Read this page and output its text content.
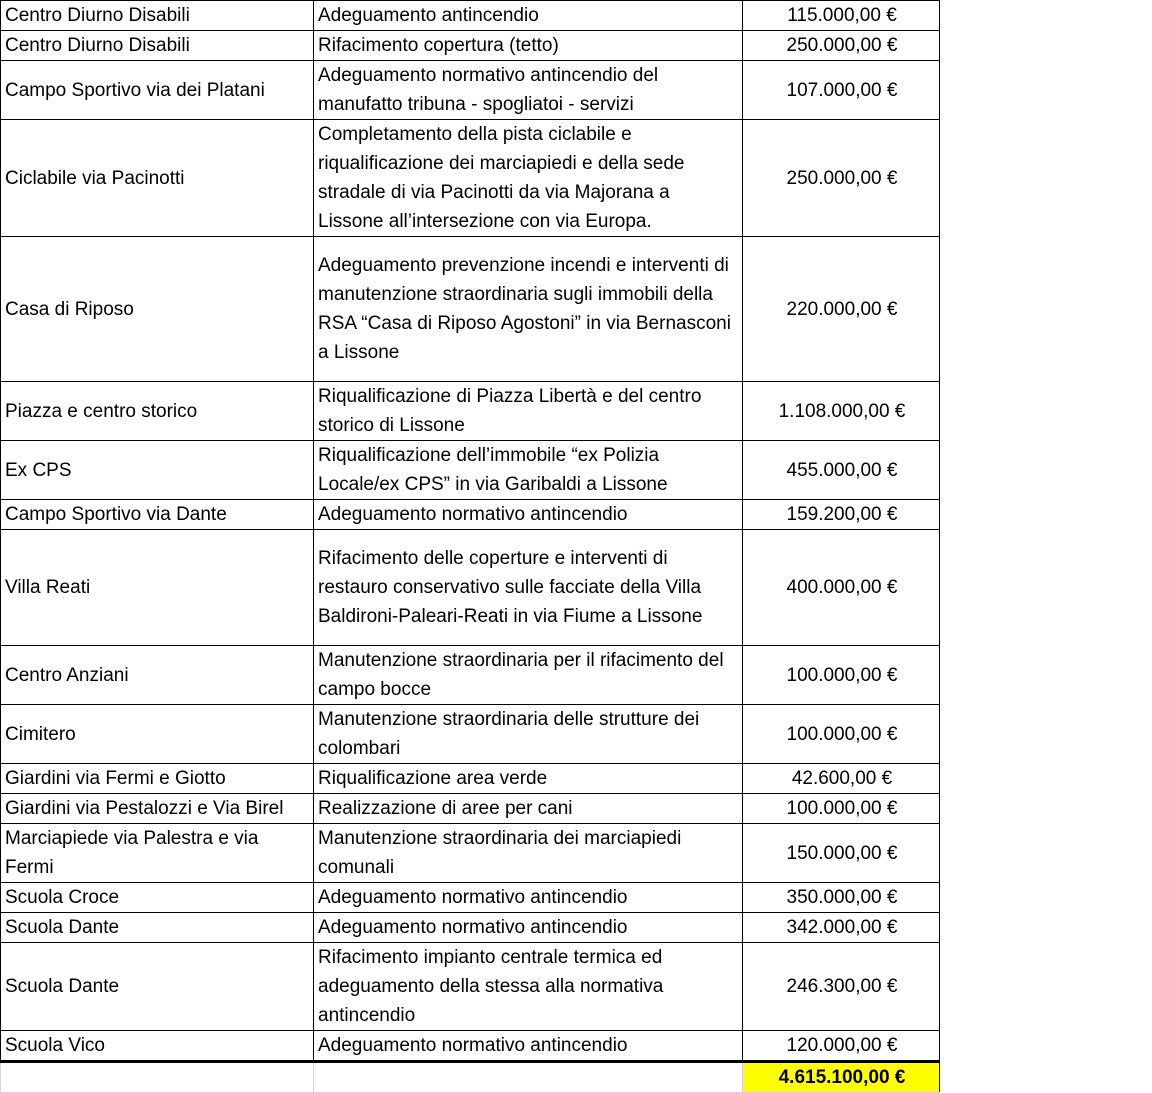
Centro Diurno Disabili	Adeguamento antincendio	115.000,00 €
Centro Diurno Disabili	Rifacimento copertura (tetto)	250.000,00 €
Campo Sportivo via dei Platani	Adeguamento normativo antincendio del manufatto tribuna - spogliatoi - servizi	107.000,00 €
Ciclabile via Pacinotti	Completamento della pista ciclabile e riqualificazione dei marciapiedi e della sede stradale di via Pacinotti da via Majorana a Lissone all’intersezione con via Europa.	250.000,00 €
Casa di Riposo	Adeguamento prevenzione incendi e interventi di manutenzione straordinaria sugli immobili della RSA “Casa di Riposo Agostoni” in via Bernasconi a Lissone	220.000,00 €
Piazza e centro storico	Riqualificazione di Piazza Libertà e del centro storico di Lissone	1.108.000,00 €
Ex CPS	Riqualificazione dell’immobile “ex Polizia Locale/ex CPS” in via Garibaldi a Lissone	455.000,00 €
Campo Sportivo via Dante	Adeguamento normativo antincendio	159.200,00 €
Villa Reati	Rifacimento delle coperture e interventi di restauro conservativo sulle facciate della Villa Baldironi-Paleari-Reati in via Fiume a Lissone	400.000,00 €
Centro Anziani	Manutenzione straordinaria per il rifacimento del campo bocce	100.000,00 €
Cimitero	Manutenzione straordinaria delle strutture dei colombari	100.000,00 €
Giardini via Fermi e Giotto	Riqualificazione area verde	42.600,00 €
Giardini via Pestalozzi e Via Birel	Realizzazione di aree per cani	100.000,00 €
Marciapiede via Palestra e via Fermi	Manutenzione straordinaria dei marciapiedi comunali	150.000,00 €
Scuola Croce	Adeguamento normativo antincendio	350.000,00 €
Scuola Dante	Adeguamento normativo antincendio	342.000,00 €
Scuola Dante	Rifacimento impianto centrale termica ed adeguamento della stessa alla normativa antincendio	246.300,00 €
Scuola Vico	Adeguamento normativo antincendio	120.000,00 €
		4.615.100,00 €
